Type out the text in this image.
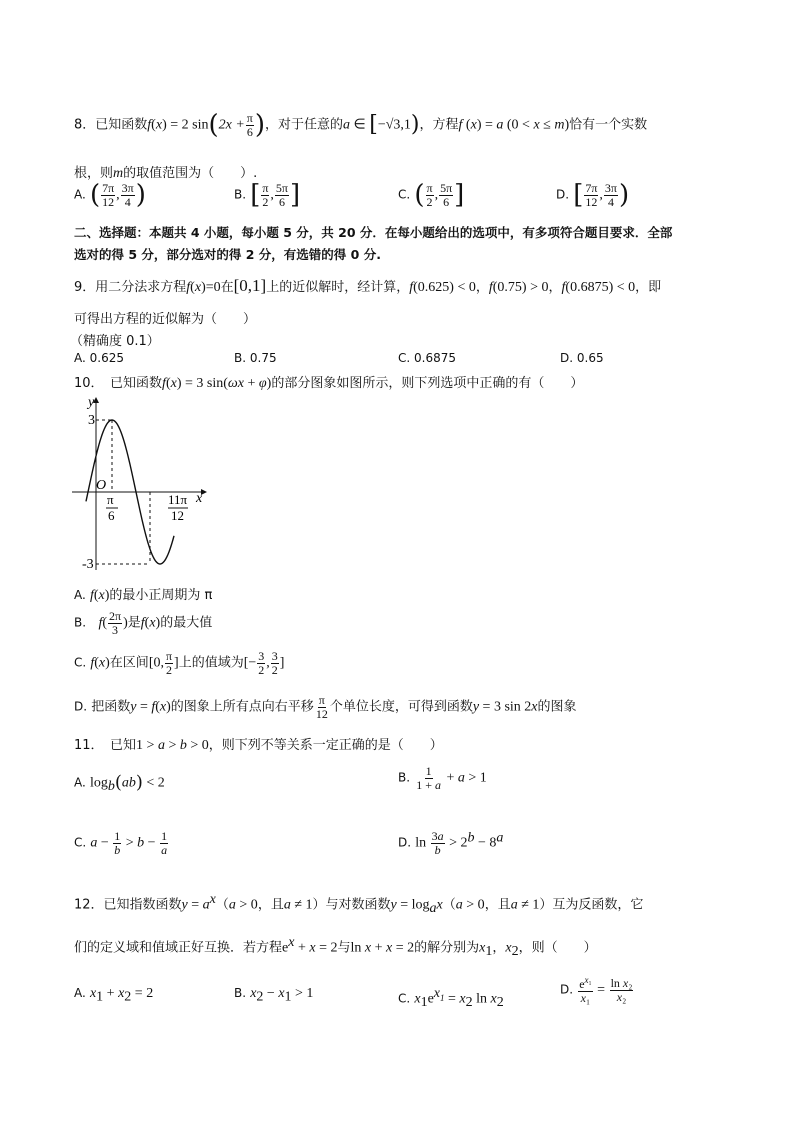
8．已知函数f(x) = 2 $\sin(2x + \frac{\pi}{6}$ )，对于任意的a ∈ [−√3,1)，方程f (x) = a (0 < x ≤ m)恰有一个实数
根，则m的取值范围为（　　）.
A. ( $\frac{7\pi}{12}$ , $\frac{3\pi}{4}$ )	B. [ $\frac{\pi}{2}$ , $\frac{5\pi}{6}$ ]	C. ( $\frac{\pi}{2}$ , $\frac{5\pi}{6}$ ]	D. [ $\frac{7\pi}{12}$ , $\frac{3\pi}{4}$ )
二、选择题：本题共 4 小题，每小题 5 分，共 20 分．在每小题给出的选项中，有多项符合题目要求．全部
选对的得 5 分，部分选对的得 2 分，有选错的得 0 分.
9．用二分法求方程f(x)=0在[0,1]上的近似解时，经计算，f(0.625) < 0，f(0.75) > 0，f(0.6875) < 0，即
可得出方程的近似解为（　　）
（精确度 0.1）
A. 0.625	B. 0.75	C. 0.6875	D. 0.65
10．　已知函数f(x) = 3 sin(ωx + φ)的部分图象如图所示，则下列选项中正确的有（　　）
y
x
O
3
-3
π
6
11π
12
A. f(x)的最小正周期为 π
B. $f( \frac{2\pi}{3}$ )是f(x)的最大值
C. f(x)在区间[0, $\frac{\pi}{2}$ ]上的值域为[− $\frac{3}{2}$ , $\frac{3}{2}$ ]
D. 把函数y = f(x)的图象上所有点向右平移 $\frac{\pi}{12}$ 个单位长度，可得到函数y = 3 sin 2x的图象
11．　已知1 > a > b > 0，则下列不等关系一定正确的是（　　）
A. $\log_b(ab) < 2$	B. $\frac{1}{1 + a} + a > 1$
C. $a - \frac{1}{b} > b - \frac{1}{a}$	D. $\ln \frac{3a}{b} > 2^b - 8^a$
12．已知指数函数$y = a^x(a > 0$，且a ≠ 1）与对数函数$y = \log_ax(a > 0$，且a ≠ 1）互为反函数，它
们的定义域和值域正好互换．若方程$e^x + x = 2$与ln x + x = 2的解分别为$x_1$，$x_2$，则（　　）
A. $x_1 + x_2 = 2$	B. $x_2 - x_1 > 1$	C. $x_1e^{x_1} = x_2$ $\ln x_2$
D. $\frac{e^{x_1}}{\text{x₁}} = \frac{\text{ln x₂}}{\text{x₂}}$
